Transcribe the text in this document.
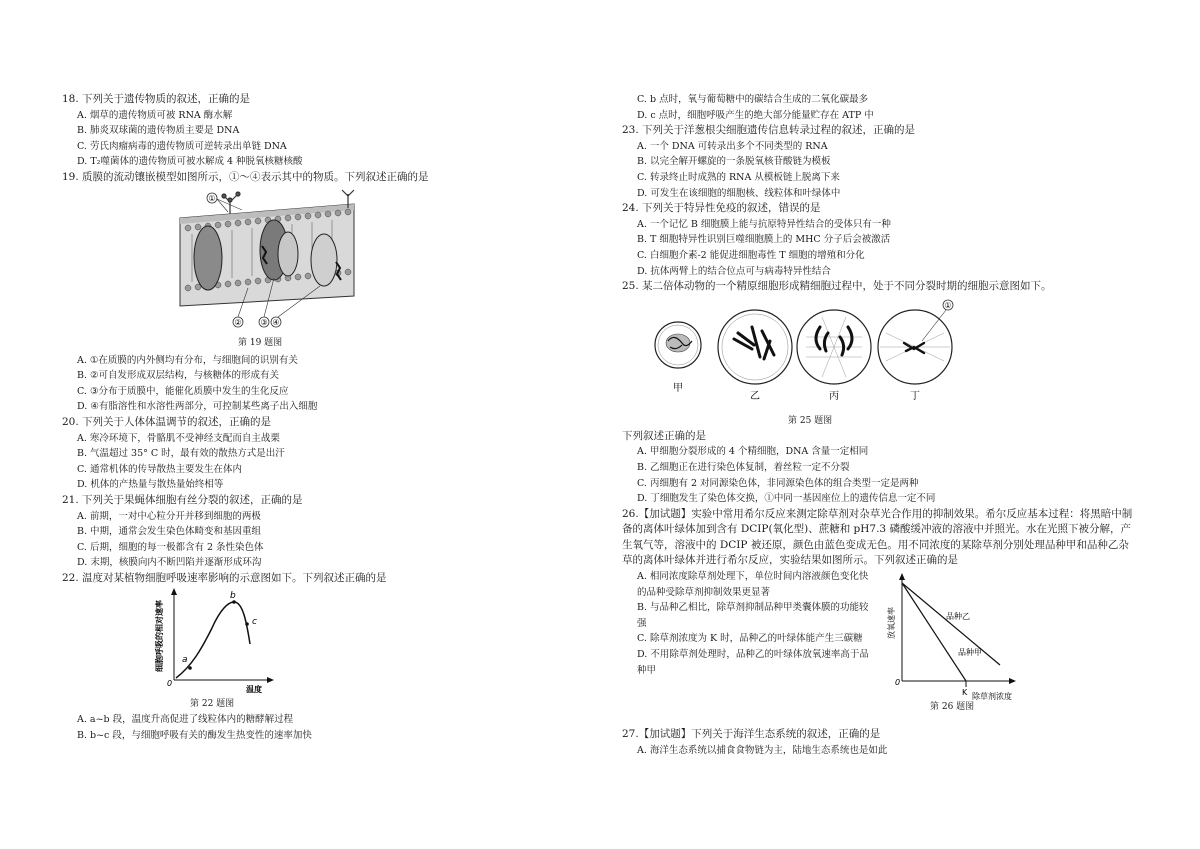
18. 下列关于遗传物质的叙述，正确的是

A. 烟草的遗传物质可被 RNA 酶水解

B. 肺炎双球菌的遗传物质主要是 DNA

C. 劳氏肉瘤病毒的遗传物质可逆转录出单链 DNA

D. T₂噬菌体的遗传物质可被水解成 4 种脱氧核糖核酸

19. 质膜的流动镶嵌模型如图所示，①～④表示其中的物质。下列叙述正确的是

①
② ③ ④
第 19 题图

A. ①在质膜的内外侧均有分布，与细胞间的识别有关

B. ②可自发形成双层结构，与核糖体的形成有关

C. ③分布于质膜中，能催化质膜中发生的生化反应

D. ④有脂溶性和水溶性两部分，可控制某些离子出入细胞

20. 下列关于人体体温调节的叙述，正确的是

A. 寒冷环境下，骨骼肌不受神经支配而自主战栗

B. 气温超过 35° C 时，最有效的散热方式是出汗

C. 通常机体的传导散热主要发生在体内

D. 机体的产热量与散热量始终相等

21. 下列关于果蝇体细胞有丝分裂的叙述，正确的是

A. 前期，一对中心粒分开并移到细胞的两极

B. 中期，通常会发生染色体畸变和基因重组

C. 后期，细胞的每一极都含有 2 条性染色体

D. 末期，核膜向内不断凹陷并逐渐形成环沟

22. 温度对某植物细胞呼吸速率影响的示意图如下。下列叙述正确的是

细胞呼吸的相对速率
0
温度
a
b
c
第 22 题图

A. a~b 段，温度升高促进了线粒体内的糖酵解过程

B. b~c 段，与细胞呼吸有关的酶发生热变性的速率加快

C. b 点时，氧与葡萄糖中的碳结合生成的二氧化碳最多

D. c 点时，细胞呼吸产生的绝大部分能量贮存在 ATP 中

23. 下列关于洋葱根尖细胞遗传信息转录过程的叙述，正确的是

A. 一个 DNA 可转录出多个不同类型的 RNA

B. 以完全解开螺旋的一条脱氧核苷酸链为模板

C. 转录终止时成熟的 RNA 从模板链上脱离下来

D. 可发生在该细胞的细胞核、线粒体和叶绿体中

24. 下列关于特异性免疫的叙述，错误的是

A. 一个记忆 B 细胞膜上能与抗原特异性结合的受体只有一种

B. T 细胞特异性识别巨噬细胞膜上的 MHC 分子后会被激活

C. 白细胞介素-2 能促进细胞毒性 T 细胞的增殖和分化

D. 抗体两臂上的结合位点可与病毒特异性结合

25. 某二倍体动物的一个精原细胞形成精细胞过程中，处于不同分裂时期的细胞示意图如下。

甲
乙	丙
①
丁
第 25 题图

下列叙述正确的是

A. 甲细胞分裂形成的 4 个精细胞，DNA 含量一定相同

B. 乙细胞正在进行染色体复制，着丝粒一定不分裂

C. 丙细胞有 2 对同源染色体，非同源染色体的组合类型一定是两种

D. 丁细胞发生了染色体交换，①中同一基因座位上的遗传信息一定不同

26.【加试题】实验中常用希尔反应来测定除草剂对杂草光合作用的抑制效果。希尔反应基本过程：将黑暗中制备的离体叶绿体加到含有 DCIP(氧化型)、蔗糖和 pH7.3 磷酸缓冲液的溶液中并照光。水在光照下被分解，产生氧气等，溶液中的 DCIP 被还原，颜色由蓝色变成无色。用不同浓度的某除草剂分别处理品种甲和品种乙杂草的离体叶绿体并进行希尔反应，实验结果如图所示。下列叙述正确的是

A. 相同浓度除草剂处理下，单位时间内溶液颜色变化快的品种受除草剂抑制效果更显著

B. 与品种乙相比，除草剂抑制品种甲类囊体膜的功能较强

C. 除草剂浓度为 K 时，品种乙的叶绿体能产生三碳糖

D. 不用除草剂处理时，品种乙的叶绿体放氧速率高于品种甲

放氧速率
0
K
品种乙
品种甲
除草剂浓度
第 26 题图

27.【加试题】下列关于海洋生态系统的叙述，正确的是

A. 海洋生态系统以捕食食物链为主，陆地生态系统也是如此
